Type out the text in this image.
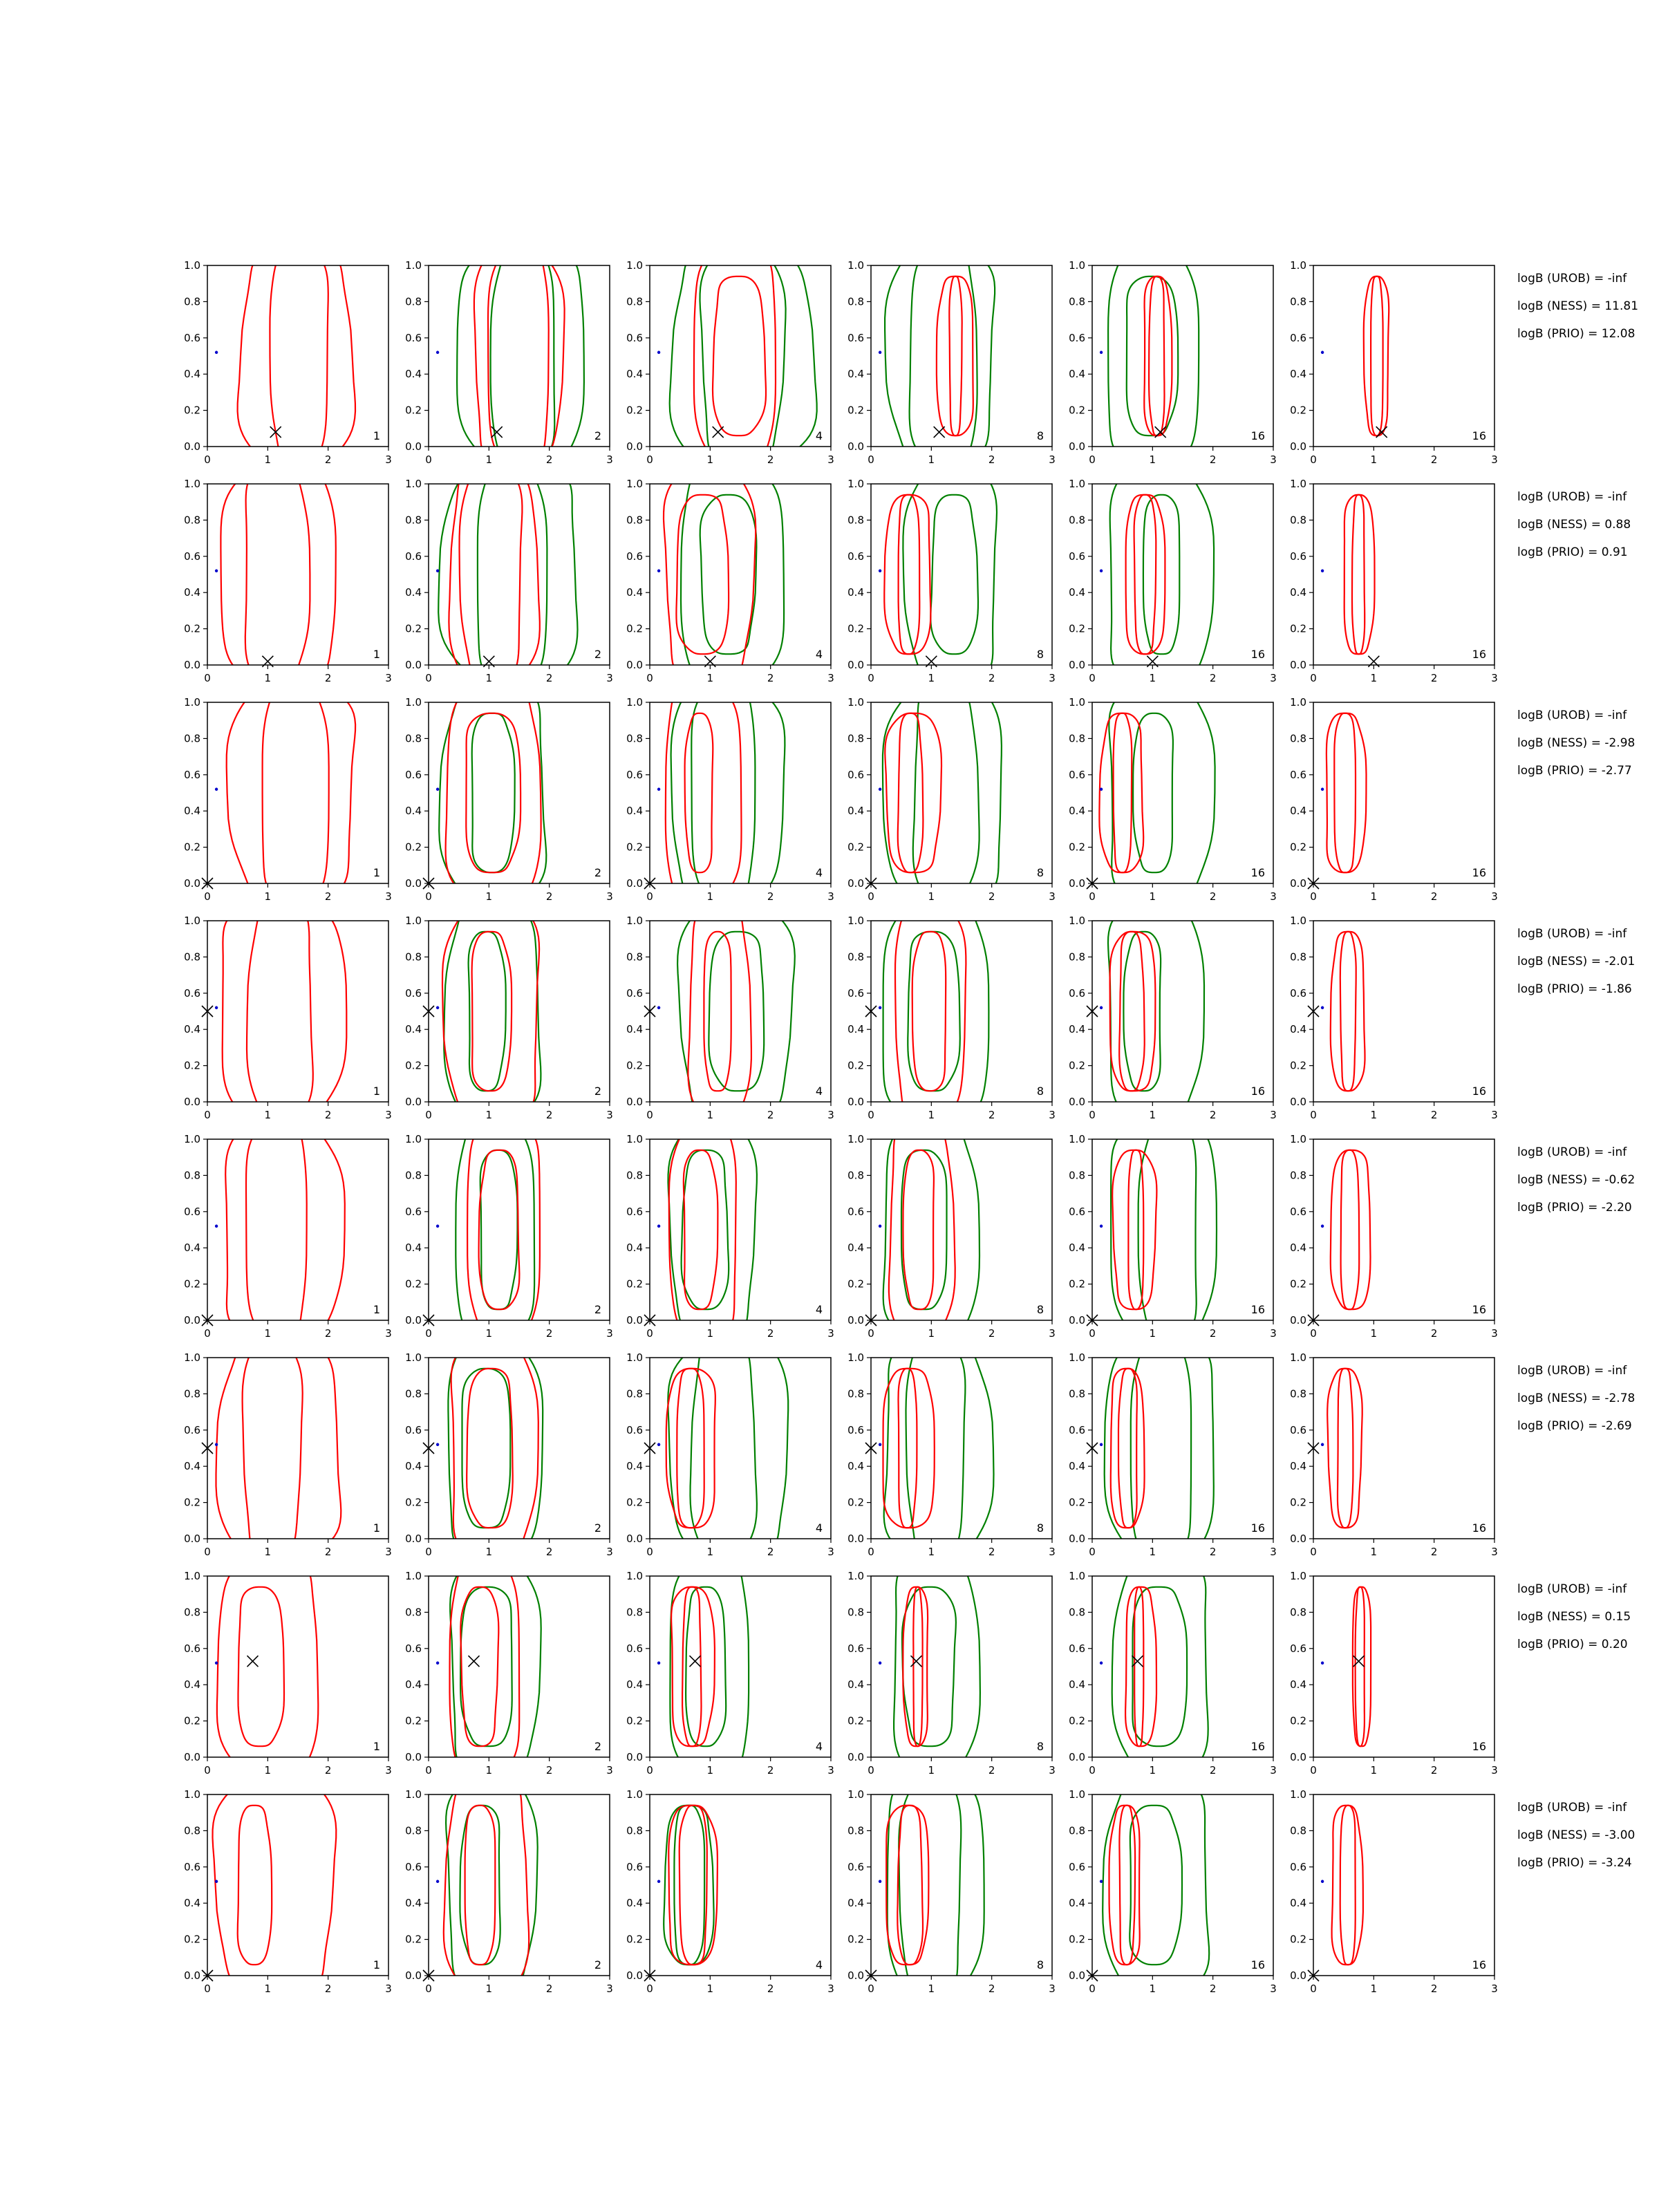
0	1	2	3
0.0
0.2
0.4
0.6
0.8
1.0
1
0	1	2	3
0.0
0.2
0.4
0.6
0.8
1.0
2
0	1	2	3
0.0
0.2
0.4
0.6
0.8
1.0
4
0	1	2	3
0.0
0.2
0.4
0.6
0.8
1.0
8
0	1	2	3
0.0
0.2
0.4
0.6
0.8
1.0
16
0	1	2	3
0.0
0.2
0.4
0.6
0.8
1.0
16
logB (UROB) = -inf
logB (NESS) = 11.81
logB (PRIO) = 12.08
0	1	2	3
0.0
0.2
0.4
0.6
0.8
1.0
1
0	1	2	3
0.0
0.2
0.4
0.6
0.8
1.0
2
0	1	2	3
0.0
0.2
0.4
0.6
0.8
1.0
4
0	1	2	3
0.0
0.2
0.4
0.6
0.8
1.0
8
0	1	2	3
0.0
0.2
0.4
0.6
0.8
1.0
16
0	1	2	3
0.0
0.2
0.4
0.6
0.8
1.0
16
logB (UROB) = -inf
logB (NESS) = 0.88
logB (PRIO) = 0.91
0	1	2	3
0.0
0.2
0.4
0.6
0.8
1.0
1
0	1	2	3
0.0
0.2
0.4
0.6
0.8
1.0
2
0	1	2	3
0.0
0.2
0.4
0.6
0.8
1.0
4
0	1	2	3
0.0
0.2
0.4
0.6
0.8
1.0
8
0	1	2	3
0.0
0.2
0.4
0.6
0.8
1.0
16
0	1	2	3
0.0
0.2
0.4
0.6
0.8
1.0
16
logB (UROB) = -inf
logB (NESS) = -2.98
logB (PRIO) = -2.77
0	1	2	3
0.0
0.2
0.4
0.6
0.8
1.0
1
0	1	2	3
0.0
0.2
0.4
0.6
0.8
1.0
2
0	1	2	3
0.0
0.2
0.4
0.6
0.8
1.0
4
0	1	2	3
0.0
0.2
0.4
0.6
0.8
1.0
8
0	1	2	3
0.0
0.2
0.4
0.6
0.8
1.0
16
0	1	2	3
0.0
0.2
0.4
0.6
0.8
1.0
16
logB (UROB) = -inf
logB (NESS) = -2.01
logB (PRIO) = -1.86
0	1	2	3
0.0
0.2
0.4
0.6
0.8
1.0
1
0	1	2	3
0.0
0.2
0.4
0.6
0.8
1.0
2
0	1	2	3
0.0
0.2
0.4
0.6
0.8
1.0
4
0	1	2	3
0.0
0.2
0.4
0.6
0.8
1.0
8
0	1	2	3
0.0
0.2
0.4
0.6
0.8
1.0
16
0	1	2	3
0.0
0.2
0.4
0.6
0.8
1.0
16
logB (UROB) = -inf
logB (NESS) = -0.62
logB (PRIO) = -2.20
0	1	2	3
0.0
0.2
0.4
0.6
0.8
1.0
1
0	1	2	3
0.0
0.2
0.4
0.6
0.8
1.0
2
0	1	2	3
0.0
0.2
0.4
0.6
0.8
1.0
4
0	1	2	3
0.0
0.2
0.4
0.6
0.8
1.0
8
0	1	2	3
0.0
0.2
0.4
0.6
0.8
1.0
16
0	1	2	3
0.0
0.2
0.4
0.6
0.8
1.0
16
logB (UROB) = -inf
logB (NESS) = -2.78
logB (PRIO) = -2.69
0	1	2	3
0.0
0.2
0.4
0.6
0.8
1.0
1
0	1	2	3
0.0
0.2
0.4
0.6
0.8
1.0
2
0	1	2	3
0.0
0.2
0.4
0.6
0.8
1.0
4
0	1	2	3
0.0
0.2
0.4
0.6
0.8
1.0
8
0	1	2	3
0.0
0.2
0.4
0.6
0.8
1.0
16
0	1	2	3
0.0
0.2
0.4
0.6
0.8
1.0
16
logB (UROB) = -inf
logB (NESS) = 0.15
logB (PRIO) = 0.20
0	1	2	3
0.0
0.2
0.4
0.6
0.8
1.0
1
0	1	2	3
0.0
0.2
0.4
0.6
0.8
1.0
2
0	1	2	3
0.0
0.2
0.4
0.6
0.8
1.0
4
0	1	2	3
0.0
0.2
0.4
0.6
0.8
1.0
8
0	1	2	3
0.0
0.2
0.4
0.6
0.8
1.0
16
0	1	2	3
0.0
0.2
0.4
0.6
0.8
1.0
16
logB (UROB) = -inf
logB (NESS) = -3.00
logB (PRIO) = -3.24
